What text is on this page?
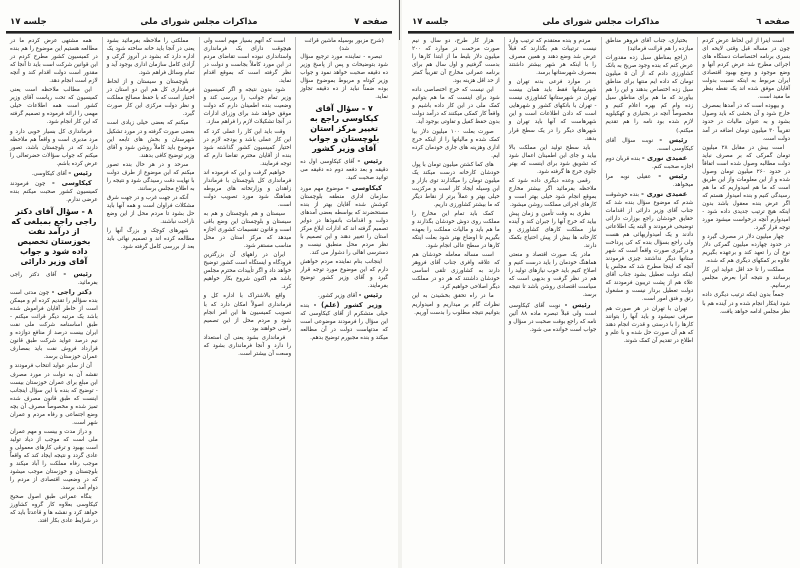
صفحه ۷
مذاکرات مجلس شورای ملی
جلسه ۱۷
(شرح مزبور بوسیله ماشین قرائت شد)

تبصره - نماینده مورد ترجیع سؤال شود بتوضیحات و پس از پاسخ وزیر ده دقیقه صحبت خواهد نمود و جواب وزیر کوتاه و مربوط بموضوع سؤال بوده ضمناً نباید از ده دقیقه تجاوز نماید.

۷ - سؤال آقای کیکاوسی راجع به تغییر مرکز استان بلوچستان و جواب آقای وزیر کشور

رئیس - آقای کیکاوسی اول ده دقیقه و بعد دفعه دوم ده دقیقه می توانید صحبت کنید.

کیکاوسی - موضوع مهم مورد سازمان اداری منطقه بلوچستان کوشش شده آقایان بهتر از بنده مستحضرند که بواسطه بعضی آمدهای دولت و اقدامات بانفوذها در دوایر تصمیم گرفته اند که ادارات ابلاغ مرکز استان را تغییر دهند و این تصمیم با نظر مردم محل منطبق نیست و دسترسی اهالی را دشوار می کند.

اینجانب بنام نماینده مردم خواهش دارم که این موضوع مورد توجه قرار گیرد و آقای وزیر کشور توضیح بفرمایند.

رئیس - آقای وزیر کشور.

وزیر کشور (علم) - بنده خیلی متشکرم از آقای کیکاوسی که این سؤال را فرمودند موضوعی است که مدتهاست دولت در آن مطالعه میکند و بنده مجبورم توضیح بدهم.

است که آنهم بسیار مهم است ولی هیچوقت دارای یک فرمانداری واستانداری نبوده است تقاضای مردم در این مورد کاملاً بجاست و دولت در نظر گرفته است که بموقع اقدام نماید.

شود بدون نتیجه و اگر کمیسیون وزیر تمام جوانب را بررسی کند و وضعیت بنده اطمینان دارم که دولت موفق خواهد شد برای وزرای ادارات در آنجا تشکیلات لازم را فراهم سازد.

وقت باید این کار را عملی کرد که این کار عملی باشد و بودجه لازم در اختیار کمیسیون کشور گذاشته شود بنده از آقایان محترم تقاضا دارم که توجه فرمایند.

خواهیم گرفت و این که فرموده اند فرمانداری کل بلوچستان با فرماندار زاهدان و وزارتخانه های مربوطه هماهنگ شود مورد تصویب دولت است.

سیستان و هم بلوچستان و هم به سیستان و بلوچستان این وضع باقی است و قانون تقسیمات کشوری اجازه میدهد که مرکز استان در محل مناسب مستقر شود.

ایران در راههای آن بزرگترین فرودگاه و ایستگاه است کشور توضیح خواهد داد و اگر تأییدات محترم مجلس باشد هم اکنون شروع بکار خواهیم کرد.

واقع بالاشتراک با اداره کل و فرمانداری اصولاً امکان دارد که با تصویب کمیسیون ها این امر انجام شود و مردم محل از این تصمیم راضی خواهند بود.

فرمانداری بشود یعنی آن استعداد را دارد و آنجا فرمانداری بشود که وسعت آن بیشتر است.

مملکتی را ملاحظه بفرمائید بشود یعنی در آنجا باید خانه ساخته شود یک اداره دارد که بشود در آنروز گرکی و آزادی کامل سازمان اداری بوجود آید و تمام وسائل فراهم شود.

بلوچستان و سیستان و از لحاظ فرمانداری کل هم این دو استان در اختیار است که با حفظ مصالح مملکت و نظر دولت مرکزی این کار صورت گیرد.

میکنم که بعضی خیلی زیادی است بعضی صورت گرفته و در مورد تشکیل شهرستان و بخش های تابعه این موضوع باید کاملاً روشن شود و آقای وزیر توضیح کافی بدهند.

سرحد و در هر حال بنده تصور میکنم که این موضوع از طرف دولت با نهایت دقت رسیدگی شود و نتیجه را به اطلاع مجلس برسانند.

آنکه در جهت غرب و در جهت شرق مشکلات فراوان است و همه آنها باید حل بشود تا مردم محل از این وضع ناراحت نباشند.

شهرهای کوچک و بزرگ آنها را مطالعه کرده اند و تصمیم نهائی باید بعد از بررسی کامل گرفته شود.

همه مشتهی عرض کردم ما در مطالعه هستیم این موضوع را هم بنده در کمیسیون کشور مطرح کردم در این قوانین شرکت است باید تا آنجا که مقدور است دولت اقدام کند و آنچه لازم است انجام دهد.

این مطالب ملاحظه است یعنی کمیسیون که تحت ریاست آقای وزیر کشور است همه اطلاعات خیلی مهمی را ارائه فرموده و تصمیم گرفته که این کار انجام شود.

فرمانداری کل بسیار خوبی دارد و مرد مدبری است و واقعاً هم ملاحظه دارند که در بلوچستان باشد، تصور میکنم که جواب سؤالات حضرتعالی را عرض کرده باشم.

رئیس - آقای کیکاوسی.

کیکاوسی - چون فرمودند کمیسیون کشور صحبت میکنم بنده عرضی ندارم.

۸ - سؤال آقای دکتر راجی راجع بمبلغی که از درآمد نفت بخوزستان تخصیص داده شود و جواب آقای وزیر دارائی

رئیس - آقای دکتر راجی بفرمائید.

دکتر راجی - چون مدتی است بنده سؤالم را تقدیم کرده ام و میمکن است از خاطر آقایان فراموش شده باشد یک مرتبه دیگر قرائت میکنم - طبق اساسنامه شرکت ملی نفت ایران بیست درصد از منافع دوازده و نیم درصد عواید شرکت طبق قانون قرارداد فروش نفت باید بمصارف عمران خوزستان برسد.

آن از سایر عواید انتخاب فرمودند و نقشه آن به دولت در مورد مصرف این مبلغ برای عمران خوزستان بیست - توضیح که بنده با این سؤال اینجانب اینست که طبق قانون مصرف شده تمیز شده و مخصوصاً مصرف آن بچه وضع اجتماعی و رفاه مردم و عمران شهر است.

و دراز مدت و بیست و مهم عمران ملی است که موجب از دیاد تولید است بهبود و ترقی کارهای معمولی و عادی گردد و نتیجه ایجاد کند که واقعاً موجب رفاه مملکت را آباد میکند و بلوچستان و خوزستان موجب میشود که در وضعیت اقتصادی از مردم را دوام آمد، برسد.

بنگاه عمرانی طبق اصول صحیح کیکاوسی بعلاوه کار گروه کشاورز خواهد کرد و نقشه ها و قاعدتاً باید که در شرایط عادی بکار افتد.

صفحه ٦
مذاکرات مجلس شورای ملی
جلسه ۱۷

است اینرا از این لحاظ عرض کردم چون در مساله قبل وقتی لایحه ای بسری برنامه اختصاصات دستگاه های اجرائی مطرح شد عرض کردم آنها و وضع موجود و وضع بهبود اقتصادی ایران مربوط به اینکه نسبت بدولت آقایان موفق شده اند یک نقطه بنظر ما مفید است.

و بیهوده است که در آمدها بمصرف خارج شود و آن بخشی که باید وصول بشود و به عنوان مالیات در حدود تقریباً ۳۰ میلیون تومان اضافه در آمد دولت است.

است بیش در مقابل ۲۸ میلیون تومان گمرکی که بر مصرف نباید دولت مطالبه وصول شده است اتفاقاً در حدود ۲۶۰ میلیون تومان وصول شده و از این معلومات واز این طریق است که ما هم امیدواریم که ما هم رسیدگی کنیم و بنده امیدوار هستم که اگر عرض بنده معقول باشد بدون اینکه هیچ ترتیب جدیدی داده شود - امیدوارم آنچه درخواست میشود مورد توجه قرار گیرد.

چهار میلیون دلار در مصرف گیرد و در حدود چهارده میلیون گمرکی دلار نوع آن را تعهد کند و برعهده بگیریم علاوه بر کمکهای دیگری هم که شده.

مملکت را تا حد اقل عواید این کار برسانند و نتیجه آنرا بعرض مجلس برسانیم.

جمعاً بدون اینکه ترتیب دیگری داده شود اینکار انجام شده و در آینده هم با نظر مجلس ادامه خواهد یافت.

بختیاری، جناب آقای فروهر مناطق میازده را هم قرائت فرمائید)

(راجع بمناطق سیل زده مقدورات عرض کنم که بنده وجود صریح به بانک کشاورزی دادم که از آن ۵ میلیون تومان که داده ایم منتها برای مناطق سیل زده اختصاص بدهند و این را هم بیاورند که ما هم برای مناطق سیل زده وام کم بهره اعلام کنیم و مخصوصاً آنچه در بختیاری و کهکیلویه لازم شده بود نامه را هم تقدیم میکنم.)

رئیس - نوبت سؤال آقای کیکاوسی است.

عمیدی نوری - بنده قربان دوم اجازه صحبت کنم.

رئیس - عقیلی نوبه مرا میخواهد.

عمیدی نوری - بنده خوشوقت شدم که موضوع سؤال بنده شد که جناب آقای وزیر دارائی از اقدامات حقایق خودشان راجع بوزارت دارائی توضیحی فرمودند و البته یک اطلاعاتی دادند و یک امیدواریهائی هم هست ولی راجع بسؤال بنده که کی پرداخت و درگیری صورت واقعاً است که شهر ستانها دیگر نداشتند چیزی فرمودند آنچه که اینجا مطرح شد که مجلس یا اینکه دولت تعطیل بشود جناب آقای علاء هم از پشت تریبون فرمودند که دولت تعطیل بردار نیست و مشغول رتق و فتق امور است.

تهران با تهران در هر صورت هم صرفی نمیشود و باید آنها را بتوانند کارها را با درستی و قدرت انجام دهند که هم آن صورت حل شده و با علم و اطلاع در تقدیم آن کمک شوند.

مردم و بنده معتقدم که ترتیب وارد نیست ترتیبات هم بگذارند که قبلاً عرض شد وضع دهند و همین مصرف را با اینکه هر شهر بیشتر داشتند بمصرف شهرستانها برسد.

در موارد فرعی بدنه تهران و شهرستانها فقط باید همان بیست تهران در شهرستانها کشاورزی نیست - تهران با بانکهای کشور و شهرهایی است که دادن اطلاعات است و این شهرهاست که آنها باید تهران و شهرهای دیگر را در یک سطح قرار بدهد.

باید سطح تولید این مملکت بالا بیاید و جای این اطمینان اعمال شود که تشویق شود برای اینست که بهتر جلوی خرج ها گرفته شود.

رقمی وعده دیگری داده شود که ملاحظه بفرمائید اگر بیشتر مخارج بموقع انجام شود خیلی بهتر است و کارهای اجرائی مملکت روشن میشود.

نظری به وقت تأمین و زمان پیش بیاید که خرج آنها را جبران کند و آینده نیاز مملکت کارهای کشاورزی و کارخانه ها بیش از پیش احتیاج بکمک دارند.

مادر یک صورت اقتصاد و منعتی هماهنگ خودمان را باید درست کنیم و اصلاح کنیم باید خوب نیازهای تولید را هم در نظر گرفت و بدیهی است که سیاست اقتصادی روشن باشد تا نتیجه برسد.

رئیس - نوبت آقای کیکاوسی است ولی قبلاً تبصره ماده ۸۸ آئین نامه که راجع بوقت صحبت در سؤال و جواب است خوانده می شود.

هزار کار طرح، دو سال و نیم صورت مرحمت در موارد که ۲۰۰ میلیون دلار بلیط ما از ابتدا کارها را بدست گرفتیم و اول سال هم برای برنامه عمرانی مخارج آن تقریباً کمتر از حد اقل هزینه بود.

این نیست که خرج اختصاصی داده شود برای اینست که ما هم بتوانیم کمک ملی در این کار داده باشیم و واقعاً کار کمکی میکنند که درآمد دولت بدون حفظ کفیل و تفاوتی بوجود آید.

صورت بعلت ۱۰۰ میلیون دلار بیا کمک شده و مالیاتها را از اینکه خرج اداری وهزینه های جاری خودمان کرده ایم.

های کما کشتن میلیون تومان با پول خودشان کارخانه درست میکند یک میلیون تومان را میگذارند توی بازار و این وسیله ایجاد کار است و مرکزیت خیلی بهتر و عملاً برتر از نقاط دیگر که ما بیشتر کشاورزی داریم.

کمک باید تمام این مخارج را مملکت روی دوش خودشان بگذارند و ما هم باید و مالیات مملکت را بعهده بگیریم تا اوضاع بهتر شود بعلت اینکه کارها در سطح عالی انجام شود.

است مساله معامله خودشان هم که علاقه وافری جناب آقای فروهر دارند به کشاورزی تلقی اساسی خودشان داشتند که هر دو در مملکت دیگر اصلاحی خواهیم کرد.

ما در راه تحقق بخشیدن به این نظرات گام بر میداریم و امیدواریم بتوانیم نتیجه مطلوب را بدست آوریم.
